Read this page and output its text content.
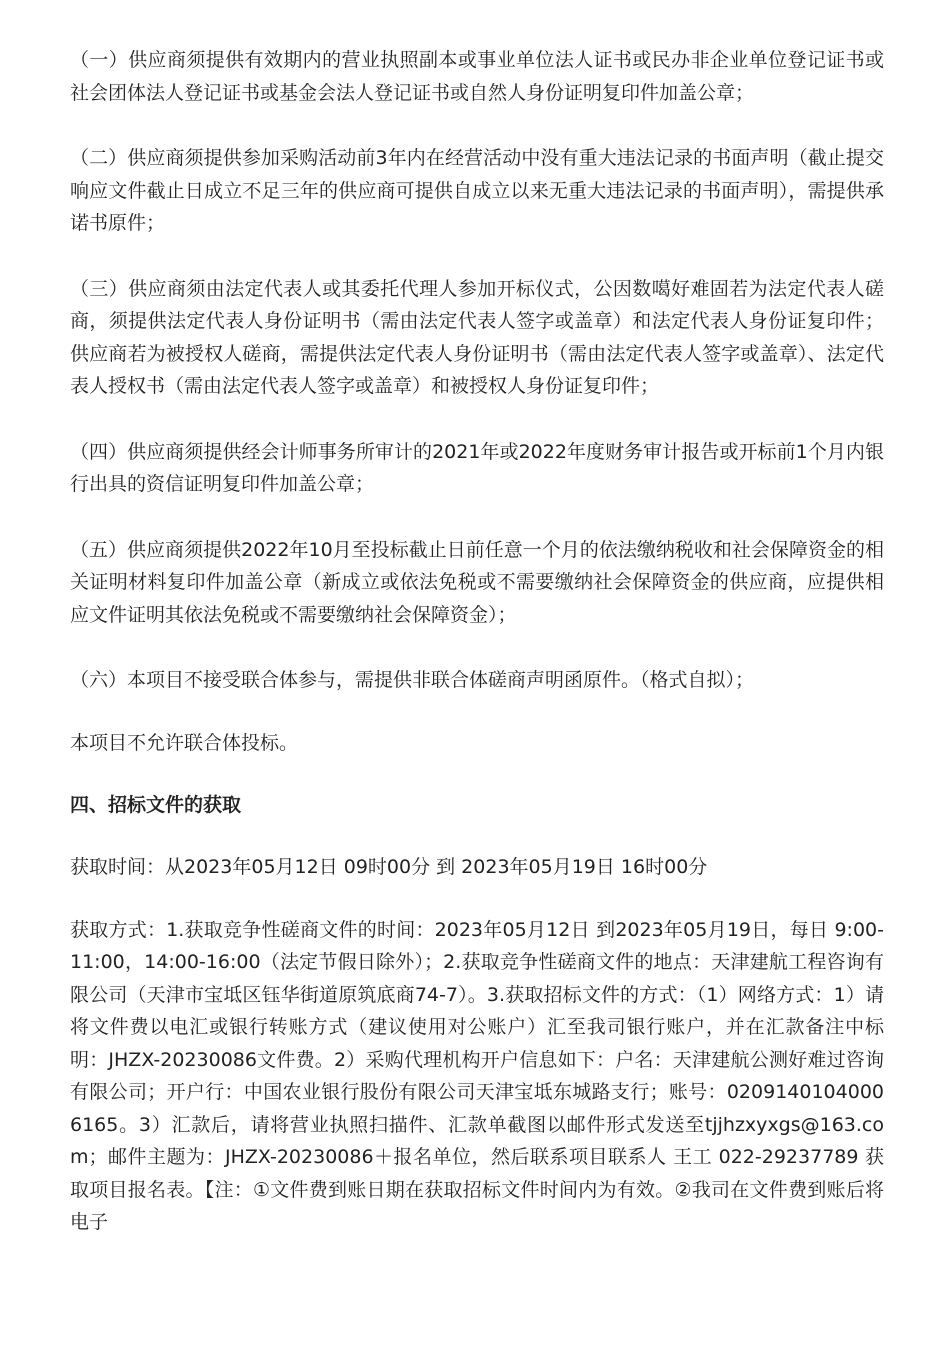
（一）供应商须提供有效期内的营业执照副本或事业单位法人证书或民办非企业单位登记证书或社会团体法人登记证书或基金会法人登记证书或自然人身份证明复印件加盖公章；

（二）供应商须提供参加采购活动前3年内在经营活动中没有重大违法记录的书面声明（截止提交响应文件截止日成立不足三年的供应商可提供自成立以来无重大违法记录的书面声明），需提供承诺书原件；

（三）供应商须由法定代表人或其委托代理人参加开标仪式，公因数噶好难固若为法定代表人磋商，须提供法定代表人身份证明书（需由法定代表人签字或盖章）和法定代表人身份证复印件；供应商若为被授权人磋商，需提供法定代表人身份证明书（需由法定代表人签字或盖章）、法定代表人授权书（需由法定代表人签字或盖章）和被授权人身份证复印件；

（四）供应商须提供经会计师事务所审计的2021年或2022年度财务审计报告或开标前1个月内银行出具的资信证明复印件加盖公章；

（五）供应商须提供2022年10月至投标截止日前任意一个月的依法缴纳税收和社会保障资金的相关证明材料复印件加盖公章（新成立或依法免税或不需要缴纳社会保障资金的供应商，应提供相应文件证明其依法免税或不需要缴纳社会保障资金）；

（六）本项目不接受联合体参与，需提供非联合体磋商声明函原件。（格式自拟）；

本项目不允许联合体投标。

四、招标文件的获取

获取时间：从2023年05月12日 09时00分 到 2023年05月19日 16时00分

获取方式：1.获取竞争性磋商文件的时间：2023年05月12日 到2023年05月19日，每日 9:00-11:00，14:00-16:00（法定节假日除外）；2.获取竞争性磋商文件的地点：天津建航工程咨询有限公司（天津市宝坻区钰华街道原筑底商74-7）。3.获取招标文件的方式：（1）网络方式：1）请将文件费以电汇或银行转账方式（建议使用对公账户）汇至我司银行账户，并在汇款备注中标明：JHZX-20230086文件费。2）采购代理机构开户信息如下：户名：天津建航公测好难过咨询有限公司；开户行：中国农业银行股份有限公司天津宝坻东城路支行；账号：02091401040006165。3）汇款后，请将营业执照扫描件、汇款单截图以邮件形式发送至tjjhzxyxgs@163.com；邮件主题为：JHZX-20230086＋报名单位，然后联系项目联系人 王工 022-29237789 获取项目报名表。【注：①文件费到账日期在获取招标文件时间内为有效。②我司在文件费到账后将电子
